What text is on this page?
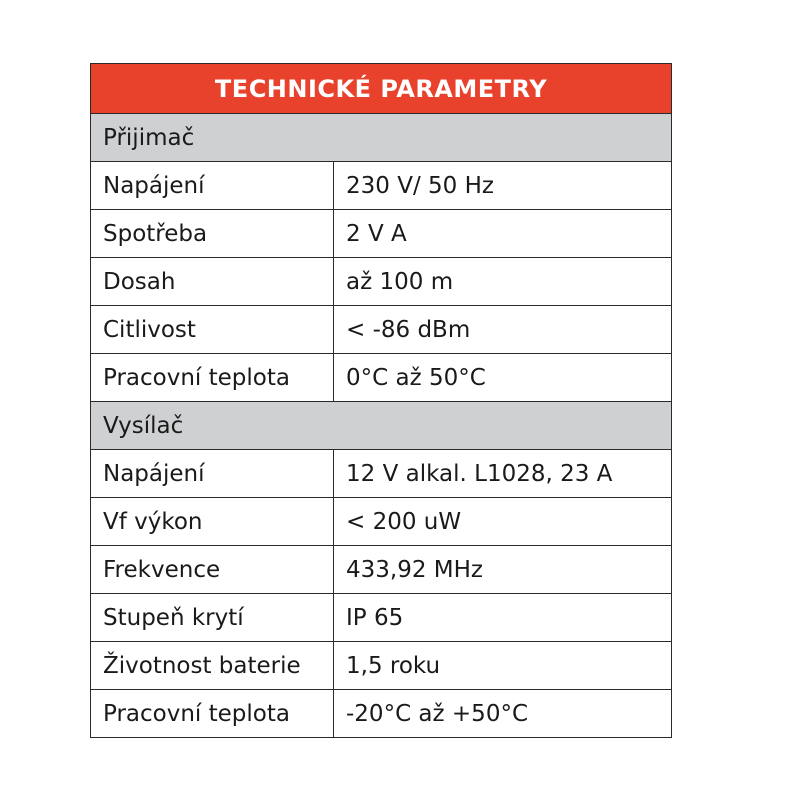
TECHNICKÉ PARAMETRY	
Přijimač	
Napájení	230 V/ 50 Hz
Spotřeba	2 V A
Dosah	až 100 m
Citlivost	< -86 dBm
Pracovní teplota	0°C až 50°C
Vysílač	
Napájení	12 V alkal. L1028, 23 A
Vf výkon	< 200 uW
Frekvence	433,92 MHz
Stupeň krytí	IP 65
Životnost baterie	1,5 roku
Pracovní teplota	-20°C až +50°C
